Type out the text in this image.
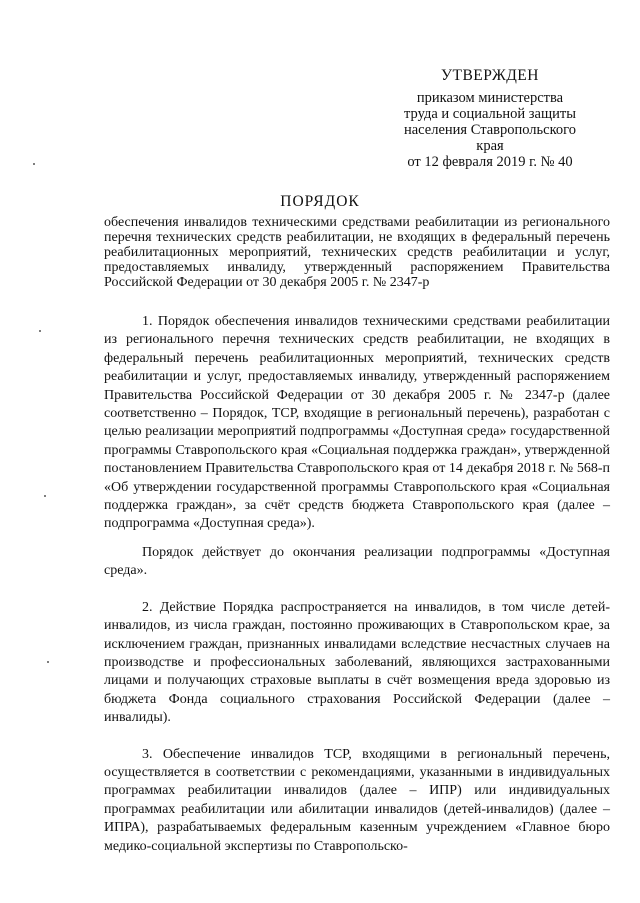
УТВЕРЖДЕН
приказом министерства
труда и социальной защиты
населения Ставропольского края
от 12 февраля 2019 г. № 40
ПОРЯДОК
обеспечения инвалидов техническими средствами реабилитации из регионального перечня технических средств реабилитации, не входящих в федеральный перечень реабилитационных мероприятий, технических средств реабилитации и услуг, предоставляемых инвалиду, утвержденный распоряжением Правительства Российской Федерации от 30 декабря 2005 г. № 2347-р

1. Порядок обеспечения инвалидов техническими средствами реабилитации из регионального перечня технических средств реабилитации, не входящих в федеральный перечень реабилитационных мероприятий, технических средств реабилитации и услуг, предоставляемых инвалиду, утвержденный распоряжением Правительства Российской Федерации от 30 декабря 2005 г. № 2347-р (далее соответственно – Порядок, ТСР, входящие в региональный перечень), разработан с целью реализации мероприятий подпрограммы «Доступная среда» государственной программы Ставропольского края «Социальная поддержка граждан», утвержденной постановлением Правительства Ставропольского края от 14 декабря 2018 г. № 568-п «Об утверждении государственной программы Ставропольского края «Социальная поддержка граждан», за счёт средств бюджета Ставропольского края (далее – подпрограмма «Доступная среда»).

Порядок действует до окончания реализации подпрограммы «Доступная среда».

2. Действие Порядка распространяется на инвалидов, в том числе детей-инвалидов, из числа граждан, постоянно проживающих в Ставропольском крае, за исключением граждан, признанных инвалидами вследствие несчастных случаев на производстве и профессиональных заболеваний, являющихся застрахованными лицами и получающих страховые выплаты в счёт возмещения вреда здоровью из бюджета Фонда социального страхования Российской Федерации (далее – инвалиды).

3. Обеспечение инвалидов ТСР, входящими в региональный перечень, осуществляется в соответствии с рекомендациями, указанными в индивидуальных программах реабилитации инвалидов (далее – ИПР) или индивидуальных программах реабилитации или абилитации инвалидов (детей-инвалидов) (далее – ИПРА), разрабатываемых федеральным казенным учреждением «Главное бюро медико-социальной экспертизы по Ставропольско-
